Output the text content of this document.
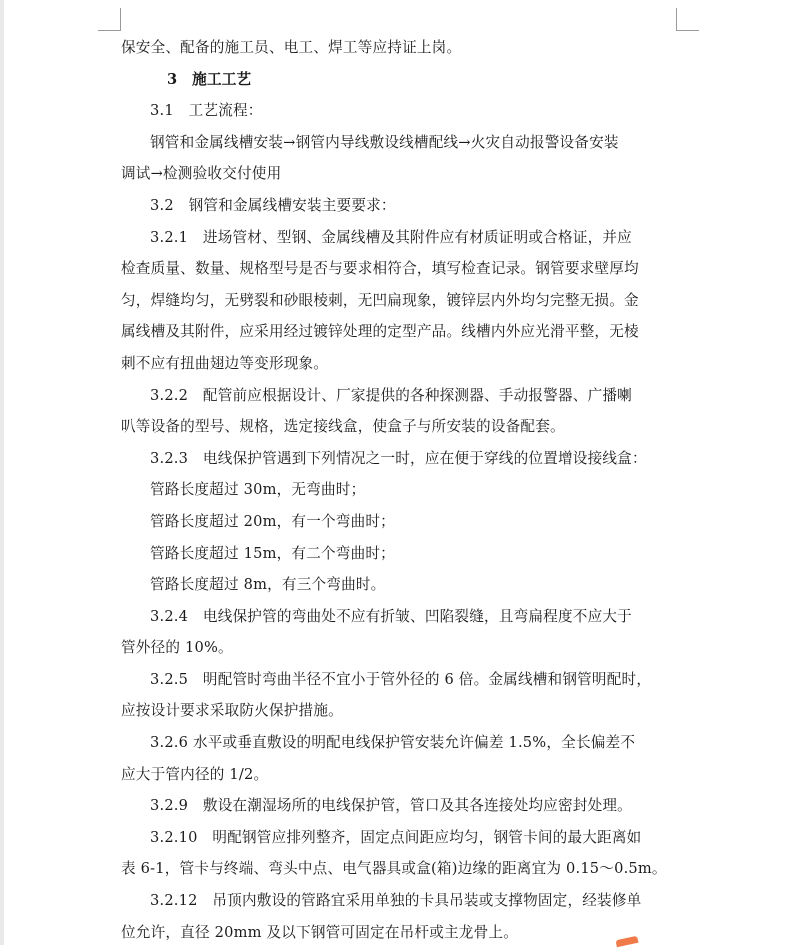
保安全、配备的施工员、电工、焊工等应持证上岗。
3　施工工艺
3.1　工艺流程：
钢管和金属线槽安装→钢管内导线敷设线槽配线→火灾自动报警设备安装
调试→检测验收交付使用
3.2　钢管和金属线槽安装主要要求：
3.2.1　进场管材、型钢、金属线槽及其附件应有材质证明或合格证，并应
检查质量、数量、规格型号是否与要求相符合，填写检查记录。钢管要求壁厚均
匀，焊缝均匀，无劈裂和砂眼棱刺，无凹扁现象，镀锌层内外均匀完整无损。金
属线槽及其附件，应采用经过镀锌处理的定型产品。线槽内外应光滑平整，无棱
刺不应有扭曲翅边等变形现象。
3.2.2　配管前应根据设计、厂家提供的各种探测器、手动报警器、广播喇
叭等设备的型号、规格，选定接线盒，使盒子与所安装的设备配套。
3.2.3　电线保护管遇到下列情况之一时，应在便于穿线的位置增设接线盒：
管路长度超过 30m，无弯曲时；
管路长度超过 20m，有一个弯曲时；
管路长度超过 15m，有二个弯曲时；
管路长度超过 8m，有三个弯曲时。
3.2.4　电线保护管的弯曲处不应有折皱、凹陷裂缝，且弯扁程度不应大于
管外径的 10%。
3.2.5　明配管时弯曲半径不宜小于管外径的 6 倍。金属线槽和钢管明配时，
应按设计要求采取防火保护措施。
3.2.6 水平或垂直敷设的明配电线保护管安装允许偏差 1.5%，全长偏差不
应大于管内径的 1/2。
3.2.9　敷设在潮湿场所的电线保护管，管口及其各连接处均应密封处理。
3.2.10　明配钢管应排列整齐，固定点间距应均匀，钢管卡间的最大距离如
表 6-1，管卡与终端、弯头中点、电气器具或盒(箱)边缘的距离宜为 0.15～0.5m。
3.2.12　吊顶内敷设的管路宜采用单独的卡具吊装或支撑物固定，经装修单
位允许，直径 20mm 及以下钢管可固定在吊杆或主龙骨上。
